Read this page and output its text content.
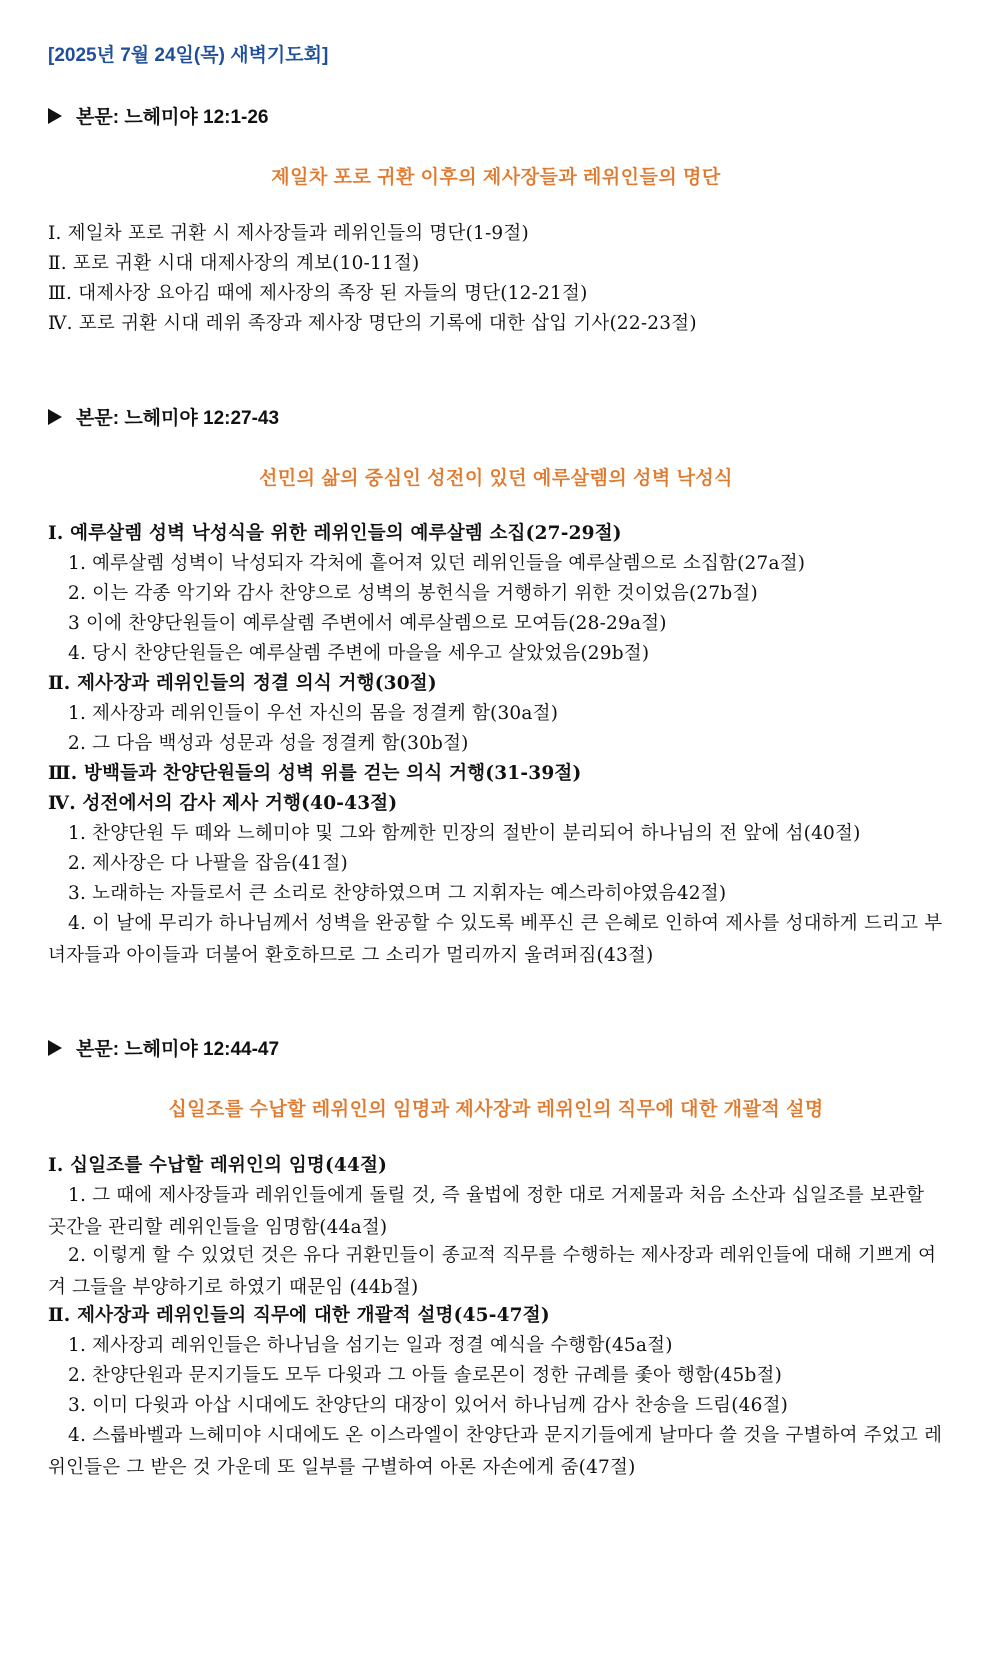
[2025년 7월 24일(목) 새벽기도회]
본문: 느헤미야 12:1-26
제일차 포로 귀환 이후의 제사장들과 레위인들의 명단
Ⅰ. 제일차 포로 귀환 시 제사장들과 레위인들의 명단(1-9절)
Ⅱ. 포로 귀환 시대 대제사장의 계보(10-11절)
Ⅲ. 대제사장 요아김 때에 제사장의 족장 된 자들의 명단(12-21절)
Ⅳ. 포로 귀환 시대 레위 족장과 제사장 명단의 기록에 대한 삽입 기사(22-23절)
본문: 느헤미야 12:27-43
선민의 삶의 중심인 성전이 있던 예루살렘의 성벽 낙성식
Ⅰ. 예루살렘 성벽 낙성식을 위한 레위인들의 예루살렘 소집(27-29절)
1. 예루살렘 성벽이 낙성되자 각처에 흩어져 있던 레위인들을 예루살렘으로 소집함(27a절)
2. 이는 각종 악기와 감사 찬양으로 성벽의 봉헌식을 거행하기 위한 것이었음(27b절)
3 이에 찬양단원들이 예루살렘 주변에서 예루살렘으로 모여듬(28-29a절)
4. 당시 찬양단원들은 예루살렘 주변에 마을을 세우고 살았었음(29b절)
Ⅱ. 제사장과 레위인들의 정결 의식 거행(30절)
1. 제사장과 레위인들이 우선 자신의 몸을 정결케 함(30a절)
2. 그 다음 백성과 성문과 성을 정결케 함(30b절)
Ⅲ. 방백들과 찬양단원들의 성벽 위를 걷는 의식 거행(31-39절)
Ⅳ. 성전에서의 감사 제사 거행(40-43절)
1. 찬양단원 두 떼와 느헤미야 및 그와 함께한 민장의 절반이 분리되어 하나님의 전 앞에 섬(40절)
2. 제사장은 다 나팔을 잡음(41절)
3. 노래하는 자들로서 큰 소리로 찬양하였으며 그 지휘자는 예스라히야였음42절)
4. 이 날에 무리가 하나님께서 성벽을 완공할 수 있도록 베푸신 큰 은혜로 인하여 제사를 성대하게 드리고 부녀자들과 아이들과 더불어 환호하므로 그 소리가 멀리까지 울려퍼짐(43절)
본문: 느헤미야 12:44-47
십일조를 수납할 레위인의 임명과 제사장과 레위인의 직무에 대한 개괄적 설명
Ⅰ. 십일조를 수납할 레위인의 임명(44절)
1. 그 때에 제사장들과 레위인들에게 돌릴 것, 즉 율법에 정한 대로 거제물과 처음 소산과 십일조를 보관할 곳간을 관리할 레위인들을 임명함(44a절)
2. 이렇게 할 수 있었던 것은 유다 귀환민들이 종교적 직무를 수행하는 제사장과 레위인들에 대해 기쁘게 여겨 그들을 부양하기로 하였기 때문임 (44b절)
Ⅱ. 제사장과 레위인들의 직무에 대한 개괄적 설명(45-47절)
1. 제사장괴 레위인들은 하나님을 섬기는 일과 정결 예식을 수행함(45a절)
2. 찬양단원과 문지기들도 모두 다윗과 그 아들 솔로몬이 정한 규례를 좇아 행함(45b절)
3. 이미 다윗과 아삽 시대에도 찬양단의 대장이 있어서 하나님께 감사 찬송을 드림(46절)
4. 스룹바벨과 느헤미야 시대에도 온 이스라엘이 찬양단과 문지기들에게 날마다 쓸 것을 구별하여 주었고 레위인들은 그 받은 것 가운데 또 일부를 구별하여 아론 자손에게 줌(47절)
